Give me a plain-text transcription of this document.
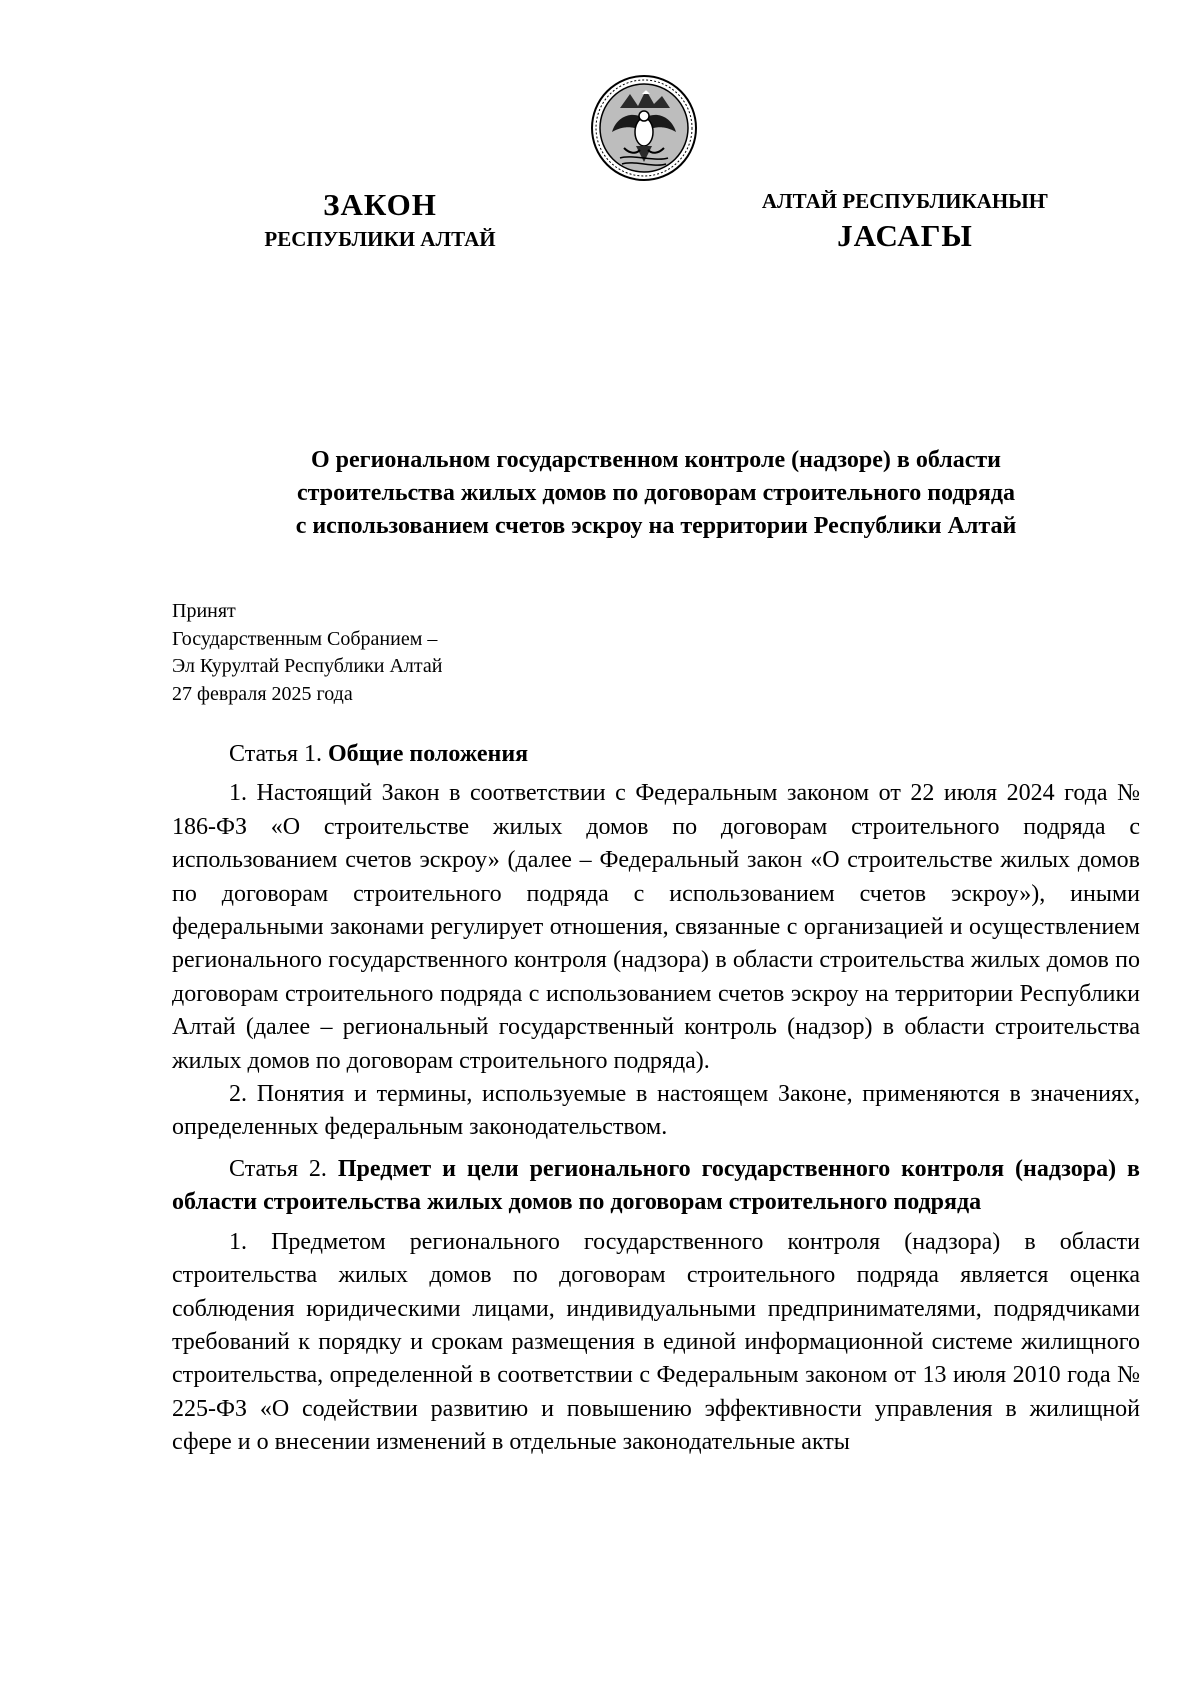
ЗАКОН
РЕСПУБЛИКИ АЛТАЙ
АЛТАЙ РЕСПУБЛИКАНЫҤ
ЈАСАГЫ
О региональном государственном контроле (надзоре) в области
строительства жилых домов по договорам строительного подряда
с использованием счетов эскроу на территории Республики Алтай
Принят
Государственным Собранием –
Эл Курултай Республики Алтай
27 февраля 2025 года

Статья 1. Общие положения

1. Настоящий Закон в соответствии с Федеральным законом от 22 июля 2024 года № 186-ФЗ «О строительстве жилых домов по договорам строительного подряда с использованием счетов эскроу» (далее – Федеральный закон «О строительстве жилых домов по договорам строительного подряда с использованием счетов эскроу»), иными федеральными законами регулирует отношения, связанные с организацией и осуществлением регионального государственного контроля (надзора) в области строительства жилых домов по договорам строительного подряда с использованием счетов эскроу на территории Республики Алтай (далее – региональный государственный контроль (надзор) в области строительства жилых домов по договорам строительного подряда).

2. Понятия и термины, используемые в настоящем Законе, применяются в значениях, определенных федеральным законодательством.

Статья 2. Предмет и цели регионального государственного контроля (надзора) в области строительства жилых домов по договорам строительного подряда

1. Предметом регионального государственного контроля (надзора) в области строительства жилых домов по договорам строительного подряда является оценка соблюдения юридическими лицами, индивидуальными предпринимателями, подрядчиками требований к порядку и срокам размещения в единой информационной системе жилищного строительства, определенной в соответствии с Федеральным законом от 13 июля 2010 года № 225-ФЗ «О содействии развитию и повышению эффективности управления в жилищной сфере и о внесении изменений в отдельные законодательные акты
